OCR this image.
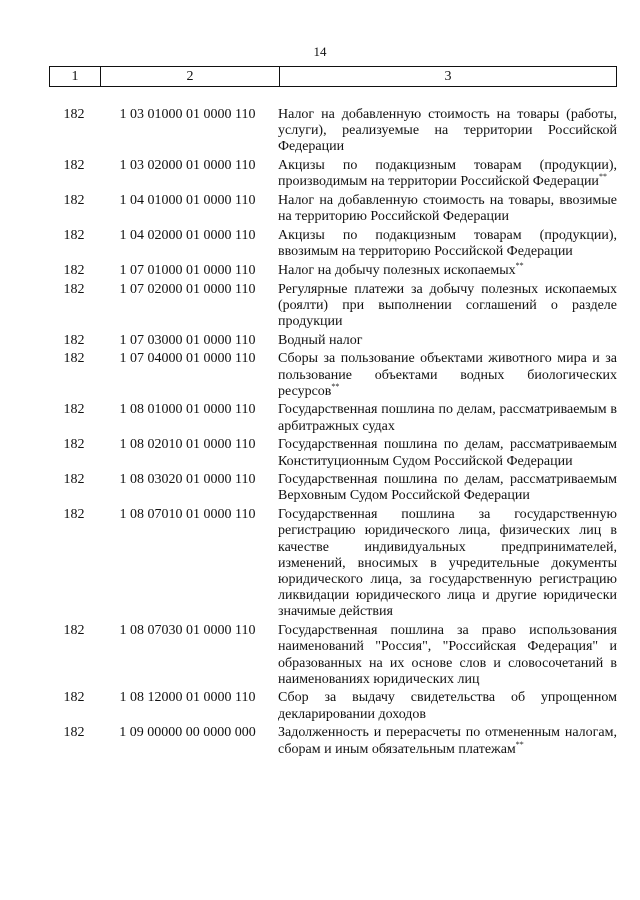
14
1	2	3
182	1 03 01000 01 0000 110	Налог на добавленную стоимость на товары (работы, услуги), реализуемые на территории Российской Федерации
182	1 03 02000 01 0000 110	Акцизы по подакцизным товарам (продукции), производимым на территории Российской Федерации**
182	1 04 01000 01 0000 110	Налог на добавленную стоимость на товары, ввозимые на территорию Российской Федерации
182	1 04 02000 01 0000 110	Акцизы по подакцизным товарам (продукции), ввозимым на территорию Российской Федерации
182	1 07 01000 01 0000 110	Налог на добычу полезных ископаемых**
182	1 07 02000 01 0000 110	Регулярные платежи за добычу полезных ископаемых (роялти) при выполнении соглашений о разделе продукции
182	1 07 03000 01 0000 110	Водный налог
182	1 07 04000 01 0000 110	Сборы за пользование объектами животного мира и за пользование объектами водных биологических ресурсов**
182	1 08 01000 01 0000 110	Государственная пошлина по делам, рассматриваемым в арбитражных судах
182	1 08 02010 01 0000 110	Государственная пошлина по делам, рассматриваемым Конституционным Судом Российской Федерации
182	1 08 03020 01 0000 110	Государственная пошлина по делам, рассматриваемым Верховным Судом Российской Федерации
182	1 08 07010 01 0000 110	Государственная пошлина за государственную регистрацию юридического лица, физических лиц в качестве индивидуальных предпринимателей, изменений, вносимых в учредительные документы юридического лица, за государственную регистрацию ликвидации юридического лица и другие юридически значимые действия
182	1 08 07030 01 0000 110	Государственная пошлина за право использования наименований "Россия", "Российская Федерация" и образованных на их основе слов и словосочетаний в наименованиях юридических лиц
182	1 08 12000 01 0000 110	Сбор за выдачу свидетельства об упрощенном декларировании доходов
182	1 09 00000 00 0000 000	Задолженность и перерасчеты по отмененным налогам, сборам и иным обязательным платежам**
